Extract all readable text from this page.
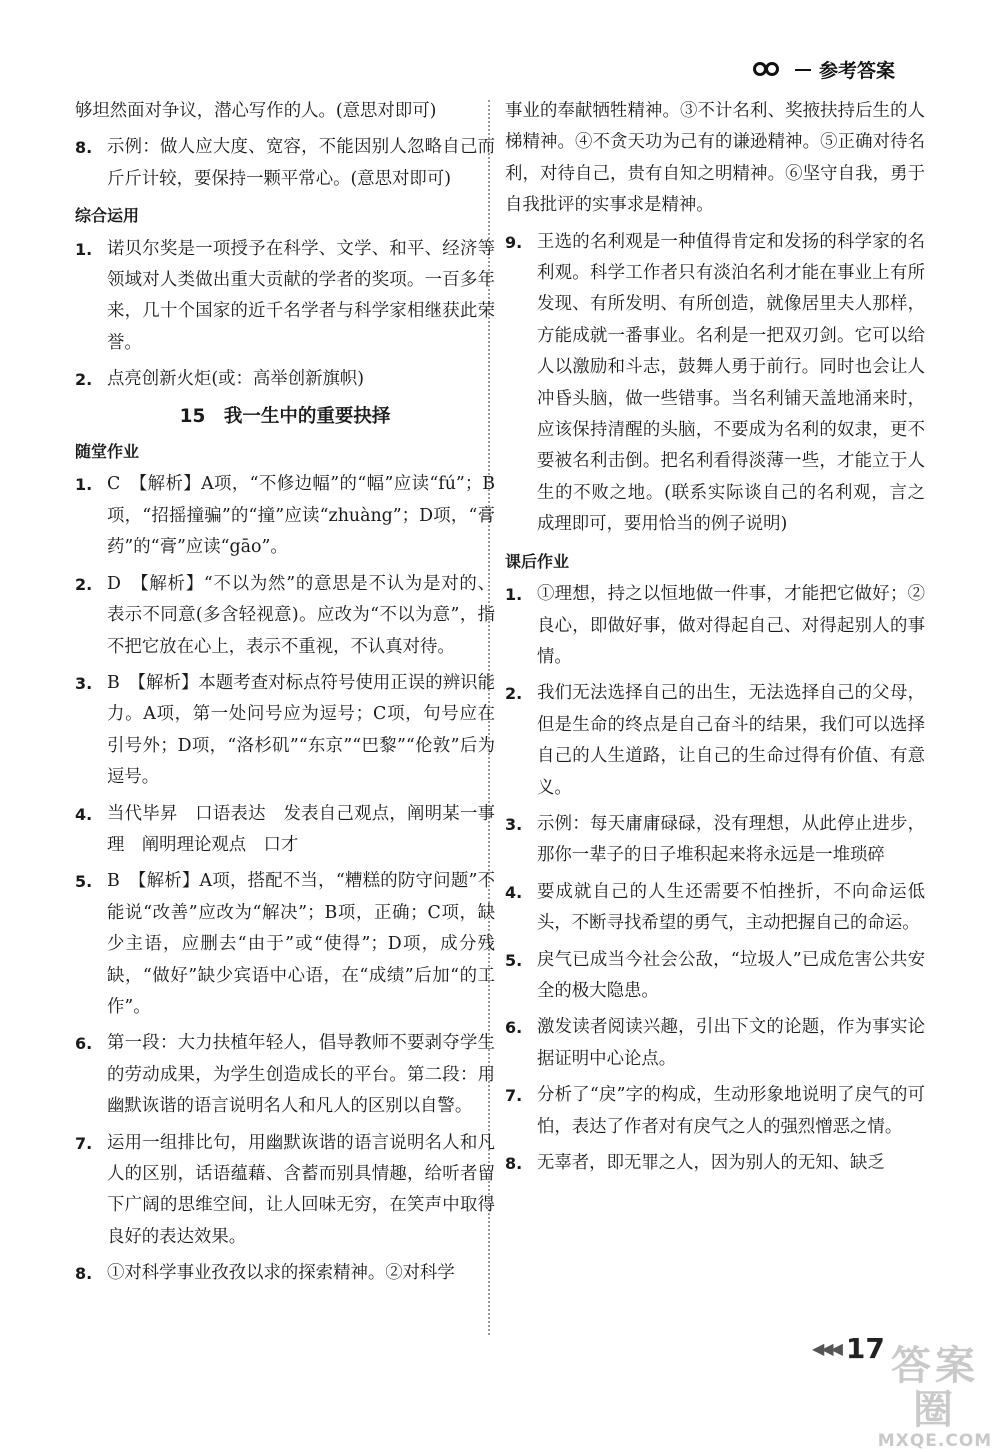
参考答案

够坦然面对争议，潜心写作的人。(意思对即可)

8. 示例：做人应大度、宽容，不能因别人忽略自己而斤斤计较，要保持一颗平常心。(意思对即可)
综合运用
1. 诺贝尔奖是一项授予在科学、文学、和平、经济等领域对人类做出重大贡献的学者的奖项。一百多年来，几十个国家的近千名学者与科学家相继获此荣誉。
2. 点亮创新火炬(或：高举创新旗帜)
15　我一生中的重要抉择
随堂作业
1. C　【解析】A项，“不修边幅”的“幅”应读“fú”；B项，“招摇撞骗”的“撞”应读“zhuàng”；D项，“膏药”的“膏”应读“gāo”。
2. D　【解析】“不以为然”的意思是不认为是对的、表示不同意(多含轻视意)。应改为“不以为意”，指不把它放在心上，表示不重视，不认真对待。
3. B　【解析】本题考查对标点符号使用正误的辨识能力。A项，第一处问号应为逗号；C项，句号应在引号外；D项，“洛杉矶”“东京”“巴黎”“伦敦”后为逗号。
4. 当代毕昇　口语表达　发表自己观点，阐明某一事理　阐明理论观点　口才
5. B　【解析】A项，搭配不当，“糟糕的防守问题”不能说“改善”应改为“解决”；B项，正确；C项，缺少主语，应删去“由于”或“使得”；D项，成分残缺，“做好”缺少宾语中心语，在“成绩”后加“的工作”。
6. 第一段：大力扶植年轻人，倡导教师不要剥夺学生的劳动成果，为学生创造成长的平台。第二段：用幽默诙谐的语言说明名人和凡人的区别以自警。
7. 运用一组排比句，用幽默诙谐的语言说明名人和凡人的区别，话语蕴藉、含蓄而别具情趣，给听者留下广阔的思维空间，让人回味无穷，在笑声中取得良好的表达效果。
8. ①对科学事业孜孜以求的探索精神。②对科学

事业的奉献牺牲精神。③不计名利、奖掖扶持后生的人梯精神。④不贪天功为己有的谦逊精神。⑤正确对待名利，对待自己，贵有自知之明精神。⑥坚守自我，勇于自我批评的实事求是精神。

9. 王选的名利观是一种值得肯定和发扬的科学家的名利观。科学工作者只有淡泊名利才能在事业上有所发现、有所发明、有所创造，就像居里夫人那样，方能成就一番事业。名利是一把双刃剑。它可以给人以激励和斗志，鼓舞人勇于前行。同时也会让人冲昏头脑，做一些错事。当名利铺天盖地涌来时，应该保持清醒的头脑，不要成为名利的奴隶，更不要被名利击倒。把名利看得淡薄一些，才能立于人生的不败之地。(联系实际谈自己的名利观，言之成理即可，要用恰当的例子说明)
课后作业
1. ①理想，持之以恒地做一件事，才能把它做好；②良心，即做好事，做对得起自己、对得起别人的事情。
2. 我们无法选择自己的出生，无法选择自己的父母，但是生命的终点是自己奋斗的结果，我们可以选择自己的人生道路，让自己的生命过得有价值、有意义。
3. 示例：每天庸庸碌碌，没有理想，从此停止进步，那你一辈子的日子堆积起来将永远是一堆琐碎
4. 要成就自己的人生还需要不怕挫折，不向命运低头，不断寻找希望的勇气，主动把握自己的命运。
5. 戾气已成当今社会公敌，“垃圾人”已成危害公共安全的极大隐患。
6. 激发读者阅读兴趣，引出下文的论题，作为事实论据证明中心论点。
7. 分析了“戾”字的构成，生动形象地说明了戾气的可怕，表达了作者对有戾气之人的强烈憎恶之情。
8. 无辜者，即无罪之人，因为别人的无知、缺乏
◀◀◀ 17 答案圈
MXQE.COM
